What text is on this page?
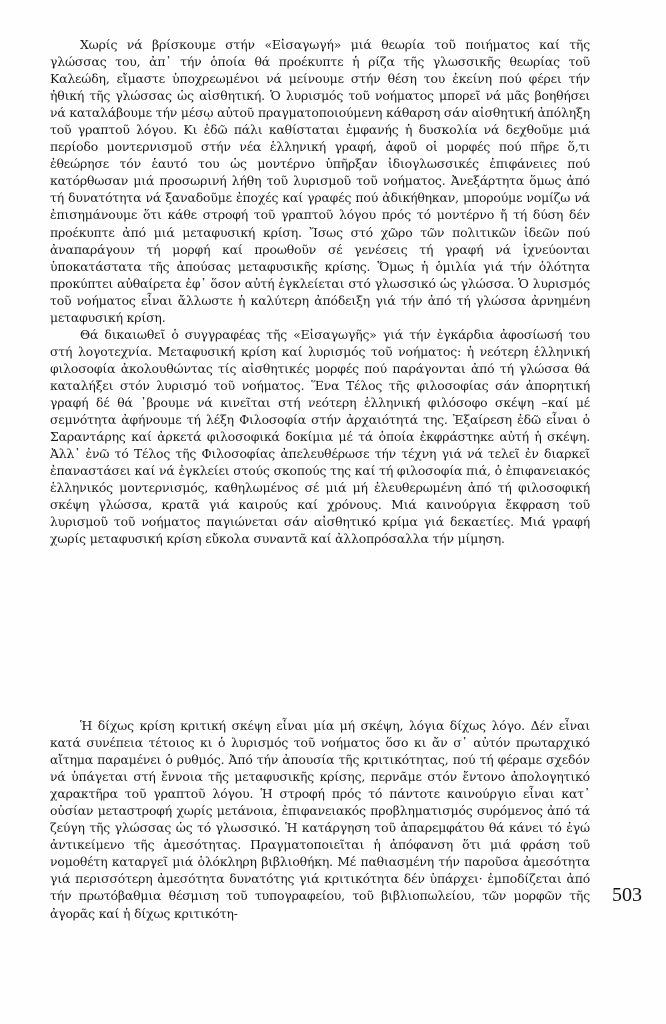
Χωρίς νά βρίσκουμε στήν «Εἰσαγωγή» μιά θεωρία τοῦ ποιήματος καί τῆς γλώσσας του, ἀπ᾽ τήν ὁποία θά προέκυπτε ἡ ρίζα τῆς γλωσσικῆς θεωρίας τοῦ Καλεώδη, εἴμαστε ὑποχρεωμένοι νά μείνουμε στήν θέση του ἐκείνη πού φέρει τήν ἠθική τῆς γλώσσας ὡς αἰσθητική. Ὁ λυρισμός τοῦ νοήματος μπορεῖ νά μᾶς βοηθήσει νά καταλάβουμε τήν μέσῳ αὐτοῦ πραγματοποιούμενη κάθαρση σάν αἰσθητική ἀπόληξη τοῦ γραπτοῦ λόγου. Κι ἐδῶ πάλι καθίσταται ἐμφανής ἡ δυσκολία νά δεχθοῦμε μιά περίοδο μοντερνισμοῦ στήν νέα ἑλληνική γραφή, ἀφοῦ οἱ μορφές πού πῆρε ὅ,τι ἐθεώρησε τόν ἑαυτό του ὡς μοντέρνο ὑπῆρξαν ἰδιογλωσσικές ἐπιφάνειες πού κατόρθωσαν μιά προσωρινή λήθη τοῦ λυρισμοῦ τοῦ νοήματος. Ἀνεξάρτητα ὅμως ἀπό τή δυνατότητα νά ξαναδοῦμε ἐποχές καί γραφές πού ἀδικήθηκαν, μπορούμε νομίζω νά ἐπισημάνουμε ὅτι κάθε στροφή τοῦ γραπτοῦ λόγου πρός τό μοντέρνο ἤ τή δύση δέν προέκυπτε ἀπό μιά μεταφυσική κρίση. Ἴσως στό χῶρο τῶν πολιτικῶν ἰδεῶν πού ἀναπαράγουν τή μορφή καί προωθοῦν σέ γενέσεις τή γραφή νά ἰχνεύονται ὑποκατάστατα τῆς ἀπούσας μεταφυσικῆς κρίσης. Ὅμως ἡ ὁμιλία γιά τήν ὁλότητα προκύπτει αὐθαίρετα ἐφ᾽ ὅσον αὐτή ἐγκλείεται στό γλωσσικό ὡς γλώσσα. Ὁ λυρισμός τοῦ νοήματος εἶναι ἄλλωστε ἡ καλύτερη ἀπόδειξη γιά τήν ἀπό τή γλώσσα ἀρνημένη μεταφυσική κρίση.

Θά δικαιωθεῖ ὁ συγγραφέας τῆς «Εἰσαγωγῆς» γιά τήν ἐγκάρδια ἀφοσίωσή του στή λογοτεχνία. Μεταφυσική κρίση καί λυρισμός τοῦ νοήματος: ἡ νεότερη ἑλληνική φιλοσοφία ἀκολουθώντας τίς αἰσθητικές μορφές πού παράγονται ἀπό τή γλώσσα θά καταλήξει στόν λυρισμό τοῦ νοήματος. Ἕνα Τέλος τῆς φιλοσοφίας σάν ἀπορητική γραφή δέ θά ᾽βρουμε νά κινεῖται στή νεότερη ἑλληνική φιλόσοφο σκέψη –καί μέ σεμνότητα ἀφήνουμε τή λέξη Φιλοσοφία στήν ἀρχαιότητά της. Ἐξαίρεση ἐδῶ εἶναι ὁ Σαραντάρης καί ἀρκετά φιλοσοφικά δοκίμια μέ τά ὁποία ἐκφράστηκε αὐτή ἡ σκέψη. Ἀλλ᾽ ἐνῶ τό Τέλος τῆς Φιλοσοφίας ἀπελευθέρωσε τήν τέχνη γιά νά τελεῖ ἐν διαρκεῖ ἐπαναστάσει καί νά ἐγκλείει στούς σκοπούς της καί τή φιλοσοφία πιά, ὁ ἐπιφανειακός ἑλληνικός μοντερνισμός, καθηλωμένος σέ μιά μή ἐλευθερωμένη ἀπό τή φιλοσοφική σκέψη γλώσσα, κρατᾶ γιά καιρούς καί χρόνους. Μιά καινούργια ἔκφραση τοῦ λυρισμοῦ τοῦ νοήματος παγιώνεται σάν αἰσθητικό κρίμα γιά δεκαετίες. Μιά γραφή χωρίς μεταφυσική κρίση εὔκολα συναντᾶ καί ἀλλοπρόσαλλα τήν μίμηση.

Ἡ δίχως κρίση κριτική σκέψη εἶναι μία μή σκέψη, λόγια δίχως λόγο. Δέν εἶναι κατά συνέπεια τέτοιος κι ὁ λυρισμός τοῦ νοήματος ὅσο κι ἄν σ᾽ αὐτόν πρωταρχικό αἴτημα παραμένει ὁ ρυθμός. Ἀπό τήν ἀπουσία τῆς κριτικότητας, πού τή φέραμε σχεδόν νά ὑπάγεται στή ἔννοια τῆς μεταφυσικῆς κρίσης, περνᾶμε στόν ἔντονο ἀπολογητικό χαρακτῆρα τοῦ γραπτοῦ λόγου. Ἡ στροφή πρός τό πάντοτε καινούργιο εἶναι κατ᾽ οὐσίαν μεταστροφή χωρίς μετάνοια, ἐπιφανειακός προβληματισμός συρόμενος ἀπό τά ζεύγη τῆς γλώσσας ὡς τό γλωσσικό. Ἡ κατάργηση τοῦ ἀπαρεμφάτου θά κάνει τό ἐγώ ἀντικείμενο τῆς ἀμεσότητας. Πραγματοποιεῖται ἡ ἀπόφανση ὅτι μιά φράση τοῦ νομοθέτη καταργεῖ μιά ὁλόκληρη βιβλιοθήκη. Μέ παθιασμένη τήν παροῦσα ἀμεσότητα γιά περισσότερη ἀμεσότητα δυνατότης γιά κριτικότητα δέν ὑπάρχει· ἐμποδίζεται ἀπό τήν πρωτόβαθμια θέσμιση τοῦ τυπογραφείου, τοῦ βιβλιοπωλείου, τῶν μορφῶν τῆς ἀγορᾶς καί ἡ δίχως κριτικότη-

503
